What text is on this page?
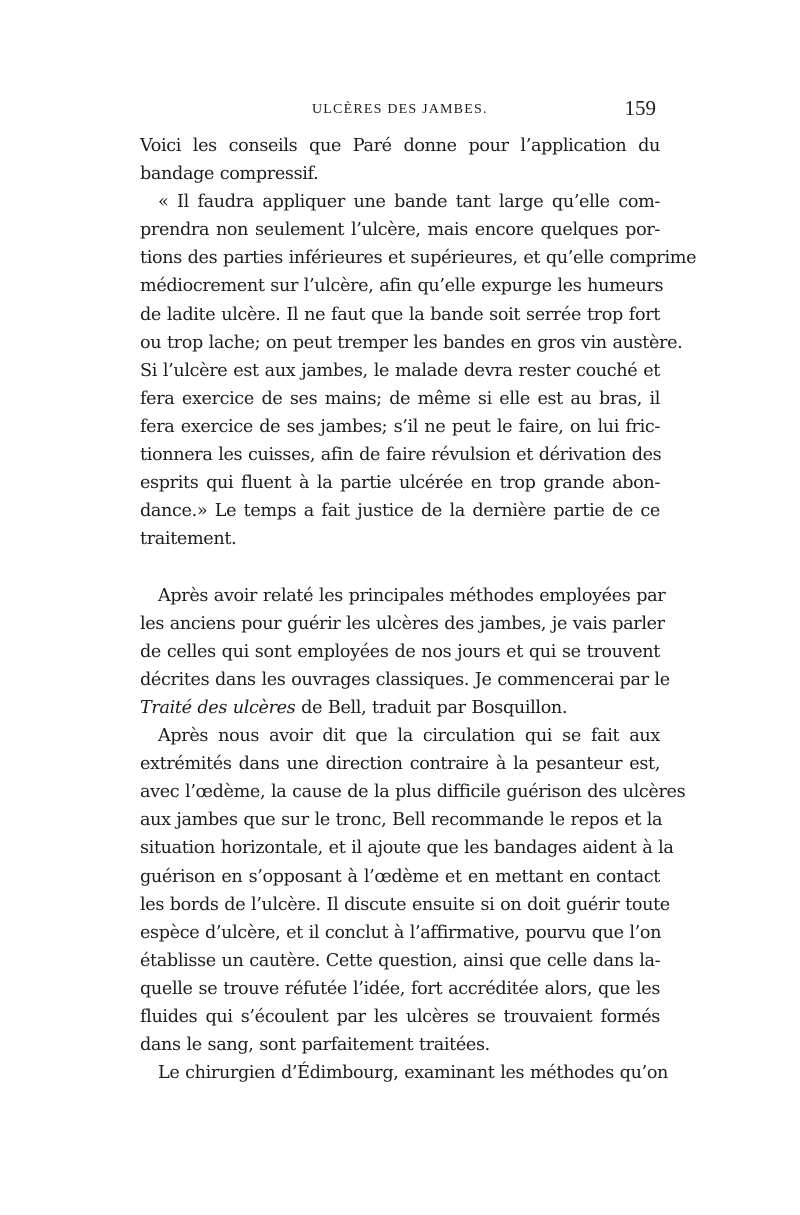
ULCÈRES DES JAMBES.	159
Voici les conseils que Paré donne pour l’application du
bandage compressif.
« Il faudra appliquer une bande tant large qu’elle com-
prendra non seulement l’ulcère, mais encore quelques por-
tions des parties inférieures et supérieures, et qu’elle comprime
médiocrement sur l’ulcère, afin qu’elle expurge les humeurs
de ladite ulcère. Il ne faut que la bande soit serrée trop fort
ou trop lache; on peut tremper les bandes en gros vin austère.
Si l’ulcère est aux jambes, le malade devra rester couché et
fera exercice de ses mains; de même si elle est au bras, il
fera exercice de ses jambes; s’il ne peut le faire, on lui fric-
tionnera les cuisses, afin de faire révulsion et dérivation des
esprits qui fluent à la partie ulcérée en trop grande abon-
dance.» Le temps a fait justice de la dernière partie de ce
traitement.
Après avoir relaté les principales méthodes employées par
les anciens pour guérir les ulcères des jambes, je vais parler
de celles qui sont employées de nos jours et qui se trouvent
décrites dans les ouvrages classiques. Je commencerai par le
Traité des ulcères de Bell, traduit par Bosquillon.
Après nous avoir dit que la circulation qui se fait aux
extrémités dans une direction contraire à la pesanteur est,
avec l’œdème, la cause de la plus difficile guérison des ulcères
aux jambes que sur le tronc, Bell recommande le repos et la
situation horizontale, et il ajoute que les bandages aident à la
guérison en s’opposant à l’œdème et en mettant en contact
les bords de l’ulcère. Il discute ensuite si on doit guérir toute
espèce d’ulcère, et il conclut à l’affirmative, pourvu que l’on
établisse un cautère. Cette question, ainsi que celle dans la-
quelle se trouve réfutée l’idée, fort accréditée alors, que les
fluides qui s’écoulent par les ulcères se trouvaient formés
dans le sang, sont parfaitement traitées.
Le chirurgien d’Édimbourg, examinant les méthodes qu’on
